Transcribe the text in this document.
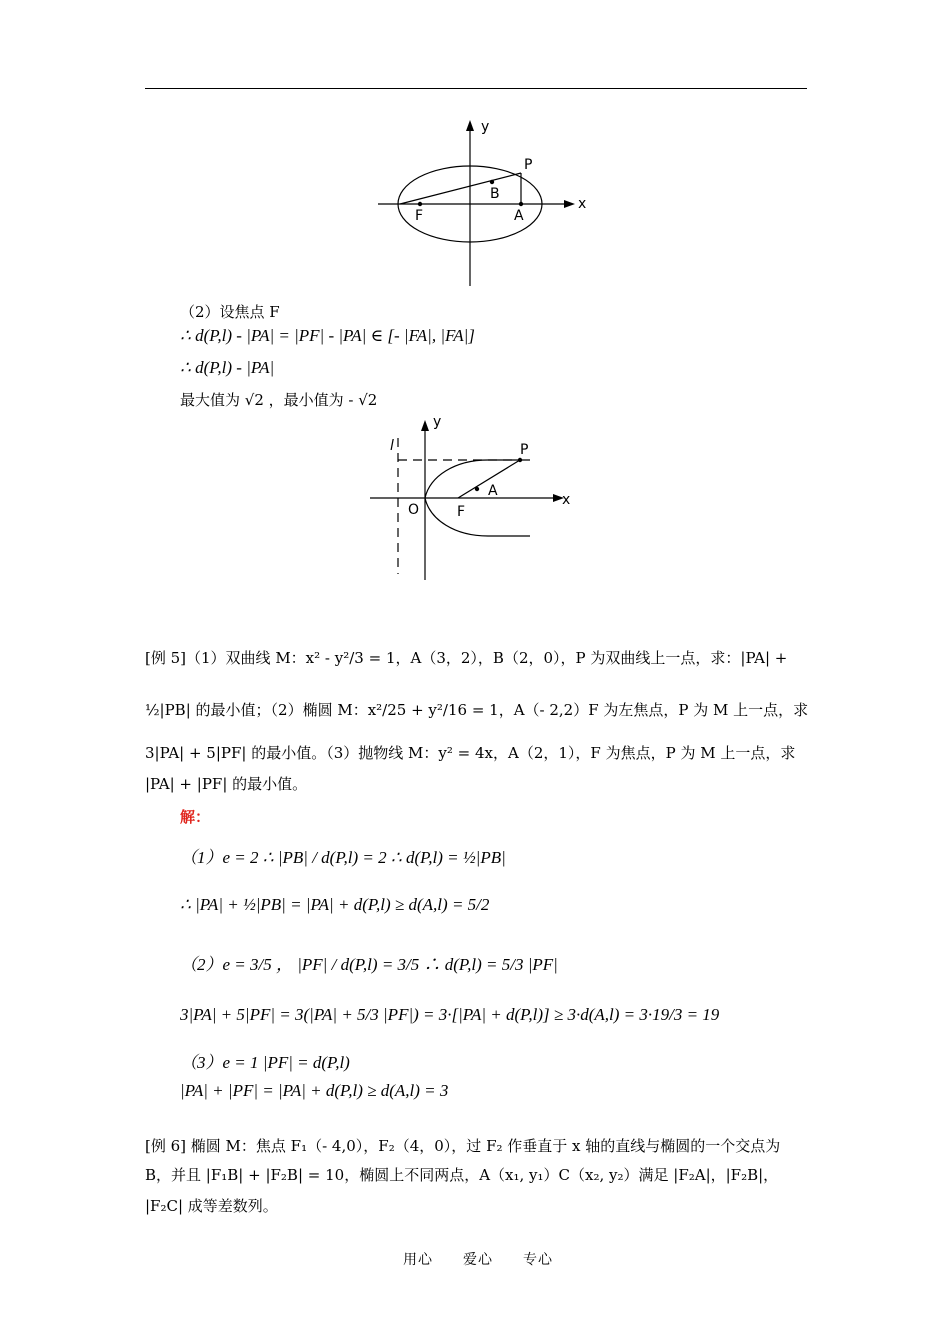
y
x
P
B
F	A
（2）设焦点 F
∴ d(P,l) - |PA| = |PF| - |PA| ∈ [- |FA|, |FA|]
∴ d(P,l) - |PA|
最大值为 √2 ，最小值为 - √2
y
x
l	P
A
O	F
[例 5]（1）双曲线 M：x² - y²/3 = 1，A（3，2），B（2，0），P 为双曲线上一点，求：|PA| +
½|PB| 的最小值；（2）椭圆 M：x²/25 + y²/16 = 1，A（- 2,2）F 为左焦点，P 为 M 上一点，求
3|PA| + 5|PF| 的最小值。（3）抛物线 M：y² = 4x，A（2，1），F 为焦点，P 为 M 上一点，求
|PA| + |PF| 的最小值。
解：
（1）e = 2 ∴ |PB| / d(P,l) = 2 ∴ d(P,l) = ½|PB|
∴ |PA| + ½|PB| = |PA| + d(P,l) ≥ d(A,l) = 5/2
（2）e = 3/5 ， |PF| / d(P,l) = 3/5 ∴ d(P,l) = 5/3 |PF|
3|PA| + 5|PF| = 3(|PA| + 5/3 |PF|) = 3·[|PA| + d(P,l)] ≥ 3·d(A,l) = 3·19/3 = 19
（3）e = 1 |PF| = d(P,l)
|PA| + |PF| = |PA| + d(P,l) ≥ d(A,l) = 3
[例 6] 椭圆 M：焦点 F₁（- 4,0），F₂（4，0），过 F₂ 作垂直于 x 轴的直线与椭圆的一个交点为
B，并且 |F₁B| + |F₂B| = 10，椭圆上不同两点，A（x₁, y₁）C（x₂, y₂）满足 |F₂A|，|F₂B|，
|F₂C| 成等差数列。
用心　　爱心　　专心
